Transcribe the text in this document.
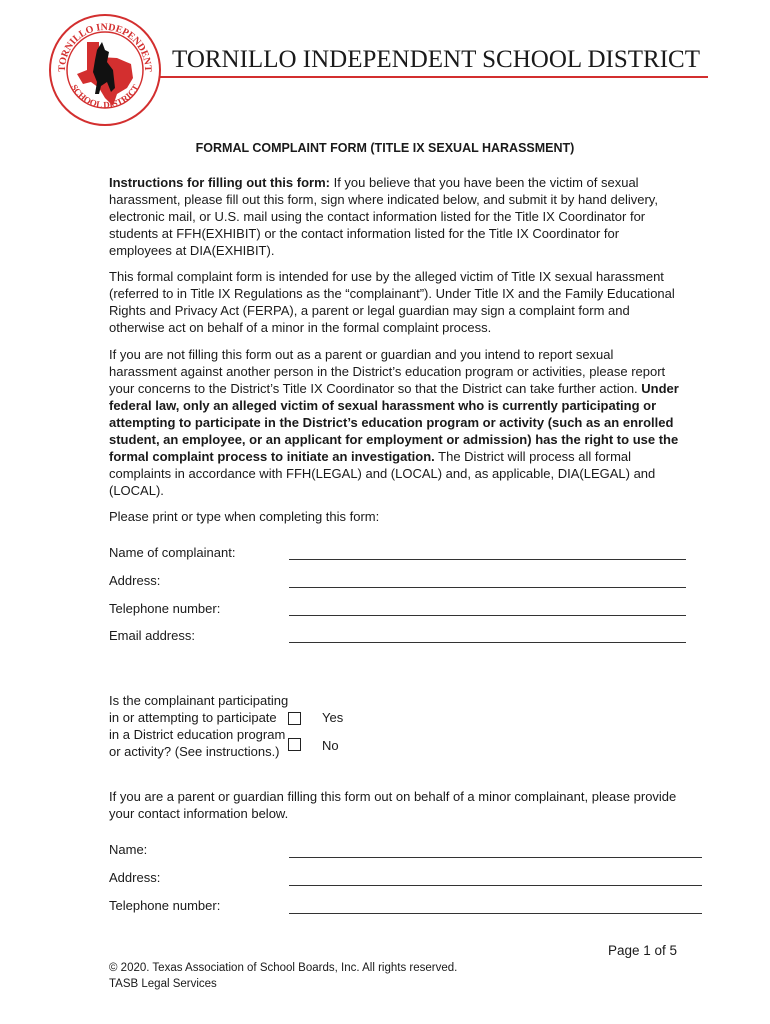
TORNILLO INDEPENDENT
SCHOOL DISTRICT
TORNILLO INDEPENDENT SCHOOL DISTRICT
FORMAL COMPLAINT FORM (TITLE IX SEXUAL HARASSMENT)
Instructions for filling out this form: If you believe that you have been the victim of sexual harassment, please fill out this form, sign where indicated below, and submit it by hand delivery, electronic mail, or U.S. mail using the contact information listed for the Title IX Coordinator for students at FFH(EXHIBIT) or the contact information listed for the Title IX Coordinator for employees at DIA(EXHIBIT).
This formal complaint form is intended for use by the alleged victim of Title IX sexual harassment (referred to in Title IX Regulations as the “complainant”). Under Title IX and the Family Educational Rights and Privacy Act (FERPA), a parent or legal guardian may sign a complaint form and otherwise act on behalf of a minor in the formal complaint process.
If you are not filling this form out as a parent or guardian and you intend to report sexual harassment against another person in the District’s education program or activities, please report your concerns to the District’s Title IX Coordinator so that the District can take further action. Under federal law, only an alleged victim of sexual harassment who is currently participating or attempting to participate in the District’s education program or activity (such as an enrolled student, an employee, or an applicant for employment or admission) has the right to use the formal complaint process to initiate an investigation. The District will process all formal complaints in accordance with FFH(LEGAL) and (LOCAL) and, as applicable, DIA(LEGAL) and (LOCAL).
Please print or type when completing this form:
Name of complainant:
Address:
Telephone number:
Email address:
Is the complainant participating in or attempting to participate in a District education program or activity? (See instructions.)
Yes
No
If you are a parent or guardian filling this form out on behalf of a minor complainant, please provide your contact information below.
Name:
Address:
Telephone number:
Page 1 of 5
© 2020. Texas Association of School Boards, Inc. All rights reserved.
TASB Legal Services
